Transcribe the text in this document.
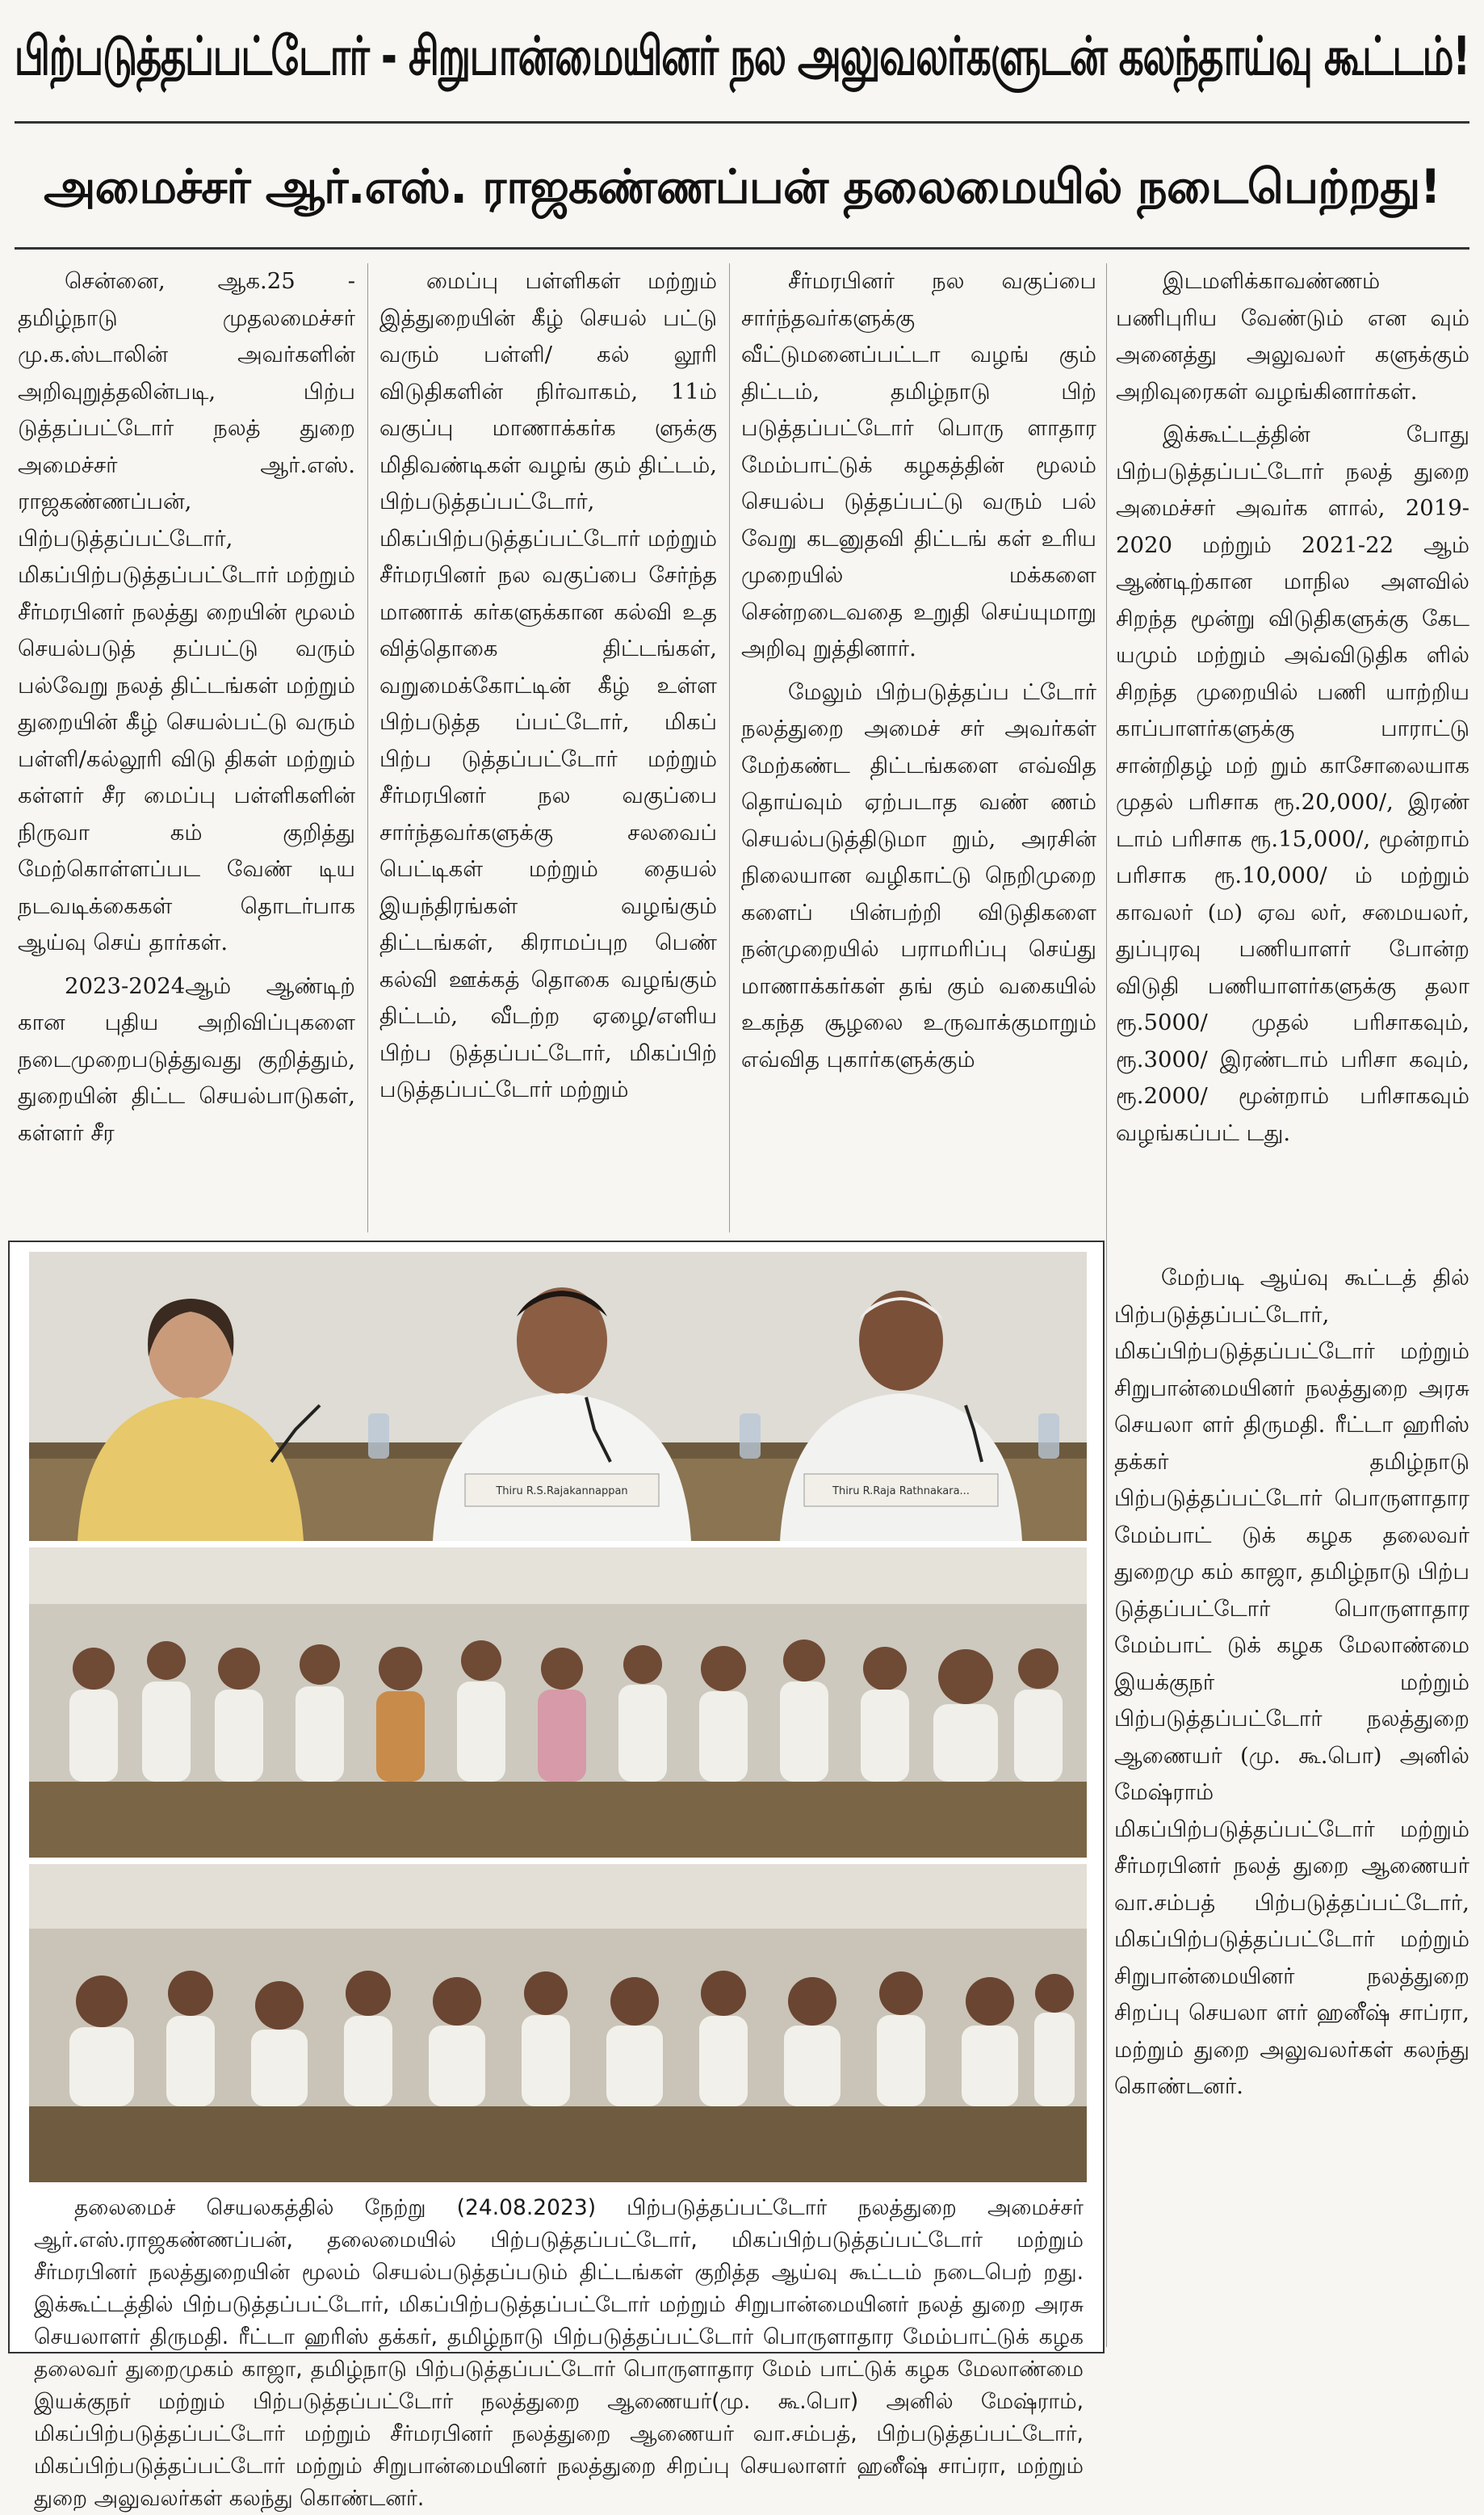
பிற்படுத்தப்பட்டோர் - சிறுபான்மையினர் நல அலுவலர்களுடன் கலந்தாய்வு கூட்டம்!
அமைச்சர் ஆர்.எஸ். ராஜகண்ணப்பன் தலைமையில் நடைபெற்றது!

சென்னை, ஆக.25 - தமிழ்நாடு முதலமைச்சர் மு.க.ஸ்டாலின் அவர்களின் அறிவுறுத்தலின்படி, பிற்ப டுத்தப்பட்டோர் நலத் துறை அமைச்சர் ஆர்.எஸ். ராஜகண்ணப்பன், பிற்படுத்தப்பட்டோர், மிகப்பிற்படுத்தப்பட்டோர் மற்றும் சீர்மரபினர் நலத்து றையின் மூலம் செயல்படுத் தப்பட்டு வரும் பல்வேறு நலத் திட்டங்கள் மற்றும் துறையின் கீழ் செயல்பட்டு வரும் பள்ளி/கல்லூரி விடு திகள் மற்றும் கள்ளர் சீர மைப்பு பள்ளிகளின் நிருவா கம் குறித்து மேற்கொள்ளப்பட வேண் டிய நடவடிக்கைகள் தொடர்பாக ஆய்வு செய் தார்கள்.

2023-2024ஆம் ஆண்டிற் கான புதிய அறிவிப்புகளை நடைமுறைபடுத்துவது குறித்தும், துறையின் திட்ட செயல்பாடுகள், கள்ளர் சீர

மைப்பு பள்ளிகள் மற்றும் இத்துறையின் கீழ் செயல் பட்டு வரும் பள்ளி/ கல் லூரி விடுதிகளின் நிர்வாகம், 11ம் வகுப்பு மாணாக்கர்க ளுக்கு மிதிவண்டிகள் வழங் கும் திட்டம், பிற்படுத்தப்பட்டோர், மிகப்பிற்படுத்தப்பட்டோர் மற்றும் சீர்மரபினர் நல வகுப்பை சேர்ந்த மாணாக் கர்களுக்கான கல்வி உத வித்தொகை திட்டங்கள், வறுமைக்கோட்டின் கீழ் உள்ள பிற்படுத்த ப்பட்டோர், மிகப் பிற்ப டுத்தப்பட்டோர் மற்றும் சீர்மரபினர் நல வகுப்பை சார்ந்தவர்களுக்கு சலவைப் பெட்டிகள் மற்றும் தையல் இயந்திரங்கள் வழங்கும் திட்டங்கள், கிராமப்புற பெண் கல்வி ஊக்கத் தொகை வழங்கும் திட்டம், வீடற்ற ஏழை/எளிய பிற்ப டுத்தப்பட்டோர், மிகப்பிற் படுத்தப்பட்டோர் மற்றும்

சீர்மரபினர் நல வகுப்பை சார்ந்தவர்களுக்கு வீட்டுமனைப்பட்டா வழங் கும் திட்டம், தமிழ்நாடு பிற் படுத்தப்பட்டோர் பொரு ளாதார மேம்பாட்டுக் கழகத்தின் மூலம் செயல்ப டுத்தப்பட்டு வரும் பல் வேறு கடனுதவி திட்டங் கள் உரிய முறையில் மக்களை சென்றடைவதை உறுதி செய்யுமாறு அறிவு றுத்தினார்.

மேலும் பிற்படுத்தப்ப ட்டோர் நலத்துறை அமைச் சர் அவர்கள் மேற்கண்ட திட்டங்களை எவ்வித தொய்வும் ஏற்படாத வண் ணம் செயல்படுத்திடுமா றும், அரசின் நிலையான வழிகாட்டு நெறிமுறை களைப் பின்பற்றி விடுதிகளை நன்முறையில் பராமரிப்பு செய்து மாணாக்கர்கள் தங் கும் வகையில் உகந்த சூழலை உருவாக்குமாறும் எவ்வித புகார்களுக்கும்

இடமளிக்காவண்ணம் பணிபுரிய வேண்டும் என வும் அனைத்து அலுவலர் களுக்கும் அறிவுரைகள் வழங்கினார்கள்.

இக்கூட்டத்தின் போது பிற்படுத்தப்பட்டோர் நலத் துறை அமைச்சர் அவர்க ளால், 2019-2020 மற்றும் 2021-22 ஆம் ஆண்டிற்கான மாநில அளவில் சிறந்த மூன்று விடுதிகளுக்கு கேட யமும் மற்றும் அவ்விடுதிக ளில் சிறந்த முறையில் பணி யாற்றிய காப்பாளர்களுக்கு பாராட்டு சான்றிதழ் மற் றும் காசோலையாக முதல் பரிசாக ரூ.20,000/, இரண் டாம் பரிசாக ரூ.15,000/, மூன்றாம் பரிசாக ரூ.10,000/ ம் மற்றும் காவலர் (ம) ஏவ லர், சமையலர், துப்புரவு பணியாளர் போன்ற விடுதி பணியாளர்களுக்கு தலா ரூ.5000/ முதல் பரிசாகவும், ரூ.3000/ இரண்டாம் பரிசா கவும், ரூ.2000/ மூன்றாம் பரிசாகவும் வழங்கப்பட் டது.

Thiru R.S.Rajakannappan	Thiru R.Raja Rathnakara...
தலைமைச் செயலகத்தில் நேற்று (24.08.2023) பிற்படுத்தப்பட்டோர் நலத்துறை அமைச்சர் ஆர்.எஸ்.ராஜகண்ணப்பன், தலைமையில் பிற்படுத்தப்பட்டோர், மிகப்பிற்படுத்தப்பட்டோர் மற்றும் சீர்மரபினர் நலத்துறையின் மூலம் செயல்படுத்தப்படும் திட்டங்கள் குறித்த ஆய்வு கூட்டம் நடைபெற் றது. இக்கூட்டத்தில் பிற்படுத்தப்பட்டோர், மிகப்பிற்படுத்தப்பட்டோர் மற்றும் சிறுபான்மையினர் நலத் துறை அரசு செயலாளர் திருமதி. ரீட்டா ஹரிஸ் தக்கர், தமிழ்நாடு பிற்படுத்தப்பட்டோர் பொருளாதார மேம்பாட்டுக் கழக தலைவர் துறைமுகம் காஜா, தமிழ்நாடு பிற்படுத்தப்பட்டோர் பொருளாதார மேம் பாட்டுக் கழக மேலாண்மை இயக்குநர் மற்றும் பிற்படுத்தப்பட்டோர் நலத்துறை ஆணையர்(மு. கூ.பொ) அனில் மேஷ்ராம், மிகப்பிற்படுத்தப்பட்டோர் மற்றும் சீர்மரபினர் நலத்துறை ஆணையர் வா.சம்பத், பிற்படுத்தப்பட்டோர், மிகப்பிற்படுத்தப்பட்டோர் மற்றும் சிறுபான்மையினர் நலத்துறை சிறப்பு செயலாளர் ஹனீஷ் சாப்ரா, மற்றும் துறை அலுவலர்கள் கலந்து கொண்டனர்.

மேற்படி ஆய்வு கூட்டத் தில் பிற்படுத்தப்பட்டோர், மிகப்பிற்படுத்தப்பட்டோர் மற்றும் சிறுபான்மையினர் நலத்துறை அரசு செயலா ளர் திருமதி. ரீட்டா ஹரிஸ் தக்கர் தமிழ்நாடு பிற்படுத்தப்பட்டோர் பொருளாதார மேம்பாட் டுக் கழக தலைவர் துறைமு கம் காஜா, தமிழ்நாடு பிற்ப டுத்தப்பட்டோர் பொருளாதார மேம்பாட் டுக் கழக மேலாண்மை இயக்குநர் மற்றும் பிற்படுத்தப்பட்டோர் நலத்துறை ஆணையர் (மு. கூ.பொ) அனில் மேஷ்ராம் மிகப்பிற்படுத்தப்பட்டோர் மற்றும் சீர்மரபினர் நலத் துறை ஆணையர் வா.சம்பத் பிற்படுத்தப்பட்டோர், மிகப்பிற்படுத்தப்பட்டோர் மற்றும் சிறுபான்மையினர் நலத்துறை சிறப்பு செயலா ளர் ஹனீஷ் சாப்ரா, மற்றும் துறை அலுவலர்கள் கலந்து கொண்டனர்.
